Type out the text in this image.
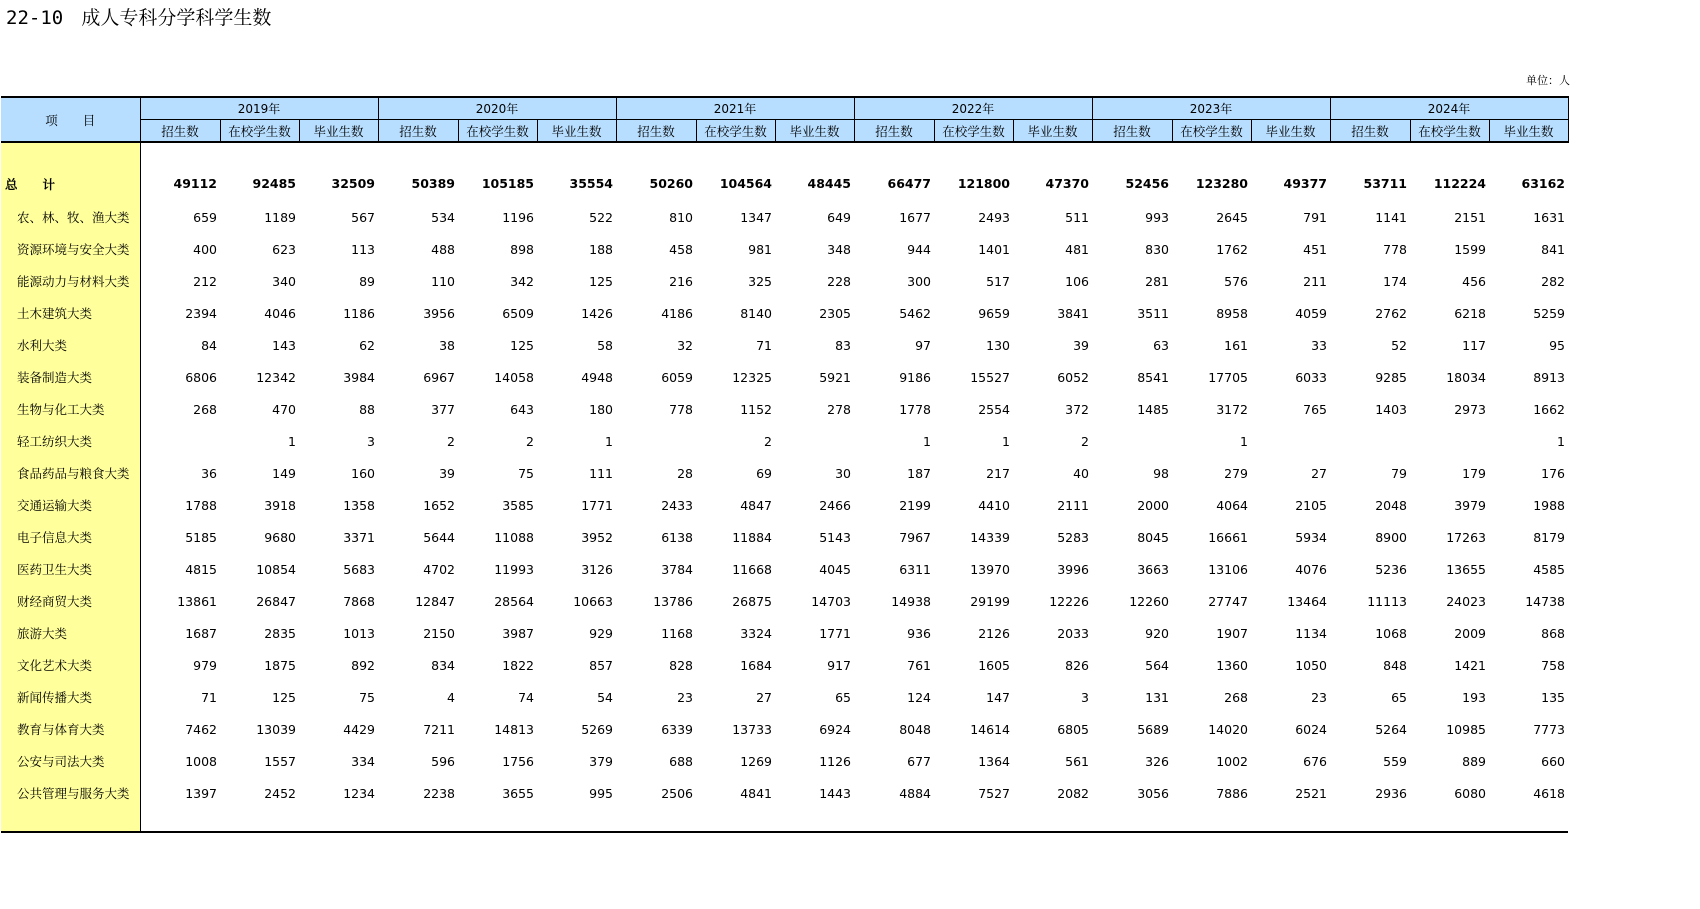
22-10 成人专科分学科学生数
单位：人
项　　目	2019年			2020年			2021年			2022年			2023年			2024年		
	招生数	在校学生数	毕业生数	招生数	在校学生数	毕业生数	招生数	在校学生数	毕业生数	招生数	在校学生数	毕业生数	招生数	在校学生数	毕业生数	招生数	在校学生数	毕业生数

总　　计	49112	92485	32509	50389	105185	35554	50260	104564	48445	66477	121800	47370	52456	123280	49377	53711	112224	63162
农、林、牧、渔大类	659	1189	567	534	1196	522	810	1347	649	1677	2493	511	993	2645	791	1141	2151	1631
资源环境与安全大类	400	623	113	488	898	188	458	981	348	944	1401	481	830	1762	451	778	1599	841
能源动力与材料大类	212	340	89	110	342	125	216	325	228	300	517	106	281	576	211	174	456	282
土木建筑大类	2394	4046	1186	3956	6509	1426	4186	8140	2305	5462	9659	3841	3511	8958	4059	2762	6218	5259
水利大类	84	143	62	38	125	58	32	71	83	97	130	39	63	161	33	52	117	95
装备制造大类	6806	12342	3984	6967	14058	4948	6059	12325	5921	9186	15527	6052	8541	17705	6033	9285	18034	8913
生物与化工大类	268	470	88	377	643	180	778	1152	278	1778	2554	372	1485	3172	765	1403	2973	1662
轻工纺织大类		1	3	2	2	1		2		1	1	2		1				1
食品药品与粮食大类	36	149	160	39	75	111	28	69	30	187	217	40	98	279	27	79	179	176
交通运输大类	1788	3918	1358	1652	3585	1771	2433	4847	2466	2199	4410	2111	2000	4064	2105	2048	3979	1988
电子信息大类	5185	9680	3371	5644	11088	3952	6138	11884	5143	7967	14339	5283	8045	16661	5934	8900	17263	8179
医药卫生大类	4815	10854	5683	4702	11993	3126	3784	11668	4045	6311	13970	3996	3663	13106	4076	5236	13655	4585
财经商贸大类	13861	26847	7868	12847	28564	10663	13786	26875	14703	14938	29199	12226	12260	27747	13464	11113	24023	14738
旅游大类	1687	2835	1013	2150	3987	929	1168	3324	1771	936	2126	2033	920	1907	1134	1068	2009	868
文化艺术大类	979	1875	892	834	1822	857	828	1684	917	761	1605	826	564	1360	1050	848	1421	758
新闻传播大类	71	125	75	4	74	54	23	27	65	124	147	3	131	268	23	65	193	135
教育与体育大类	7462	13039	4429	7211	14813	5269	6339	13733	6924	8048	14614	6805	5689	14020	6024	5264	10985	7773
公安与司法大类	1008	1557	334	596	1756	379	688	1269	1126	677	1364	561	326	1002	676	559	889	660
公共管理与服务大类	1397	2452	1234	2238	3655	995	2506	4841	1443	4884	7527	2082	3056	7886	2521	2936	6080	4618
